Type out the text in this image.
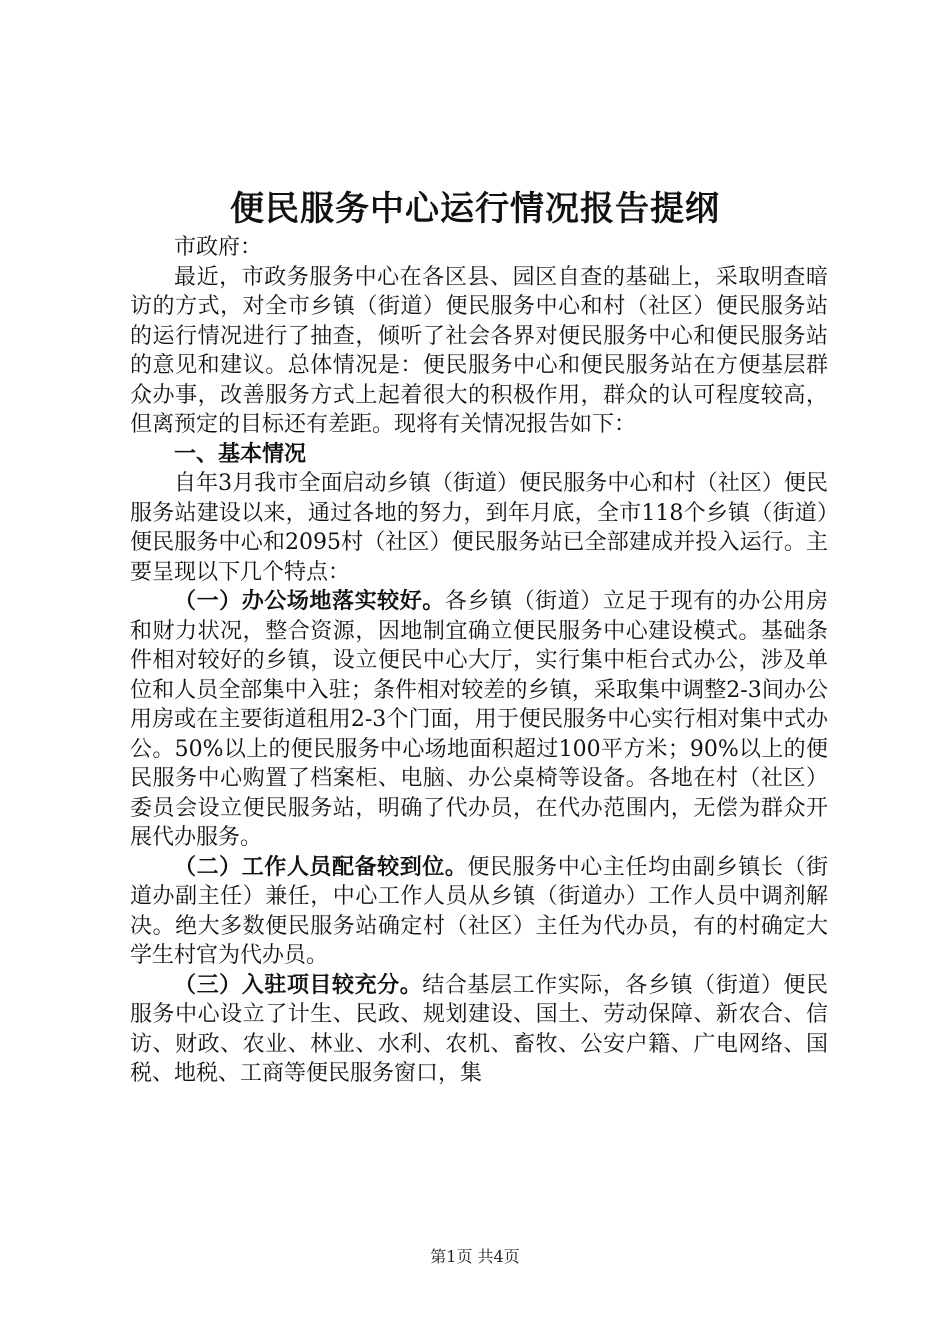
便民服务中心运行情况报告提纲

市政府：

最近，市政务服务中心在各区县、园区自查的基础上，采取明查暗访的方式，对全市乡镇（街道）便民服务中心和村（社区）便民服务站的运行情况进行了抽查，倾听了社会各界对便民服务中心和便民服务站的意见和建议。总体情况是：便民服务中心和便民服务站在方便基层群众办事，改善服务方式上起着很大的积极作用，群众的认可程度较高，但离预定的目标还有差距。现将有关情况报告如下：

一、基本情况

自年3月我市全面启动乡镇（街道）便民服务中心和村（社区）便民服务站建设以来，通过各地的努力，到年月底，全市118个乡镇（街道）便民服务中心和2095村（社区）便民服务站已全部建成并投入运行。主要呈现以下几个特点：

（一）办公场地落实较好。各乡镇（街道）立足于现有的办公用房和财力状况，整合资源，因地制宜确立便民服务中心建设模式。基础条件相对较好的乡镇，设立便民中心大厅，实行集中柜台式办公，涉及单位和人员全部集中入驻；条件相对较差的乡镇，采取集中调整2-3间办公用房或在主要街道租用2-3个门面，用于便民服务中心实行相对集中式办公。50%以上的便民服务中心场地面积超过100平方米；90%以上的便民服务中心购置了档案柜、电脑、办公桌椅等设备。各地在村（社区）委员会设立便民服务站，明确了代办员，在代办范围内，无偿为群众开展代办服务。

（二）工作人员配备较到位。便民服务中心主任均由副乡镇长（街道办副主任）兼任，中心工作人员从乡镇（街道办）工作人员中调剂解决。绝大多数便民服务站确定村（社区）主任为代办员，有的村确定大学生村官为代办员。

（三）入驻项目较充分。结合基层工作实际，各乡镇（街道）便民服务中心设立了计生、民政、规划建设、国土、劳动保障、新农合、信访、财政、农业、林业、水利、农机、畜牧、公安户籍、广电网络、国税、地税、工商等便民服务窗口，集

第1页 共4页
